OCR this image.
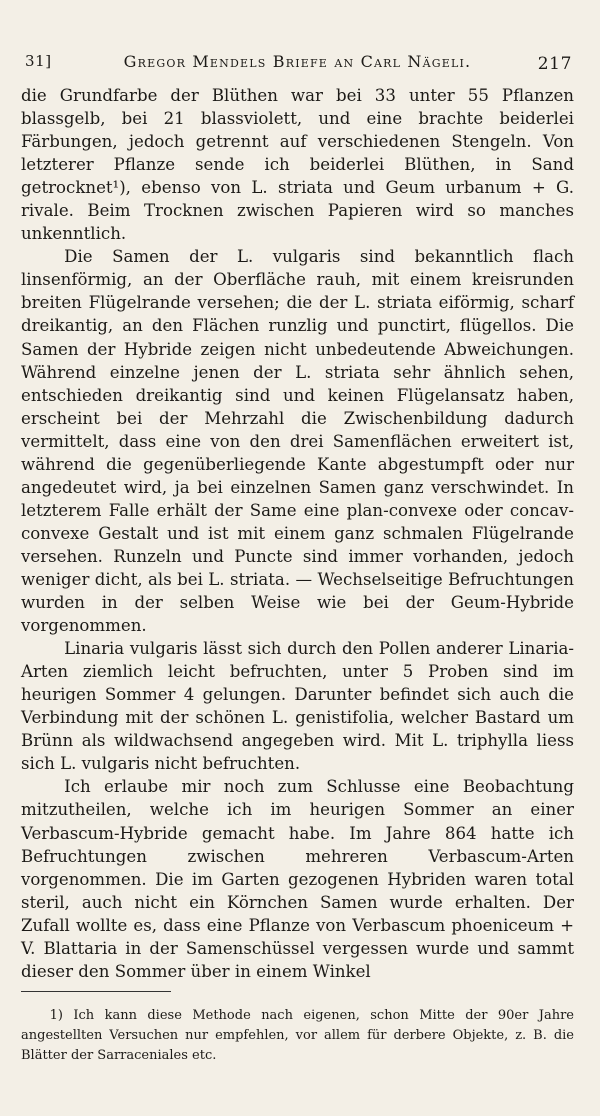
31]	Gregor Mendels Briefe an Carl Nägeli.	217

die Grundfarbe der Blüthen war bei 33 unter 55 Pflanzen blassgelb, bei 21 blassviolett, und eine brachte beiderlei Färbungen, jedoch getrennt auf verschiedenen Stengeln. Von letzterer Pflanze sende ich beiderlei Blüthen, in Sand getrocknet¹), ebenso von L. striata und Geum urbanum + G. rivale. Beim Trocknen zwischen Papieren wird so manches unkenntlich.

Die Samen der L. vulgaris sind bekanntlich flach linsenförmig, an der Oberfläche rauh, mit einem kreisrunden breiten Flügelrande versehen; die der L. striata eiförmig, scharf dreikantig, an den Flächen runzlig und punctirt, flügellos. Die Samen der Hybride zeigen nicht unbedeutende Abweichungen. Während einzelne jenen der L. striata sehr ähnlich sehen, entschieden dreikantig sind und keinen Flügelansatz haben, erscheint bei der Mehrzahl die Zwischenbildung dadurch vermittelt, dass eine von den drei Samenflächen erweitert ist, während die gegenüberliegende Kante abgestumpft oder nur angedeutet wird, ja bei einzelnen Samen ganz verschwindet. In letzterem Falle erhält der Same eine plan-convexe oder concav-convexe Gestalt und ist mit einem ganz schmalen Flügelrande versehen. Runzeln und Puncte sind immer vorhanden, jedoch weniger dicht, als bei L. striata. — Wechselseitige Befruchtungen wurden in der selben Weise wie bei der Geum-Hybride vorgenommen.

Linaria vulgaris lässt sich durch den Pollen anderer Linaria-Arten ziemlich leicht befruchten, unter 5 Proben sind im heurigen Sommer 4 gelungen. Darunter befindet sich auch die Verbindung mit der schönen L. genistifolia, welcher Bastard um Brünn als wildwachsend angegeben wird. Mit L. triphylla liess sich L. vulgaris nicht befruchten.

Ich erlaube mir noch zum Schlusse eine Beobachtung mitzutheilen, welche ich im heurigen Sommer an einer Verbascum-Hybride gemacht habe. Im Jahre 864 hatte ich Befruchtungen zwischen mehreren Verbascum-Arten vorgenommen. Die im Garten gezogenen Hybriden waren total steril, auch nicht ein Körnchen Samen wurde erhalten. Der Zufall wollte es, dass eine Pflanze von Verbascum phoeniceum + V. Blattaria in der Samenschüssel vergessen wurde und sammt dieser den Sommer über in einem Winkel

1) Ich kann diese Methode nach eigenen, schon Mitte der 90er Jahre angestellten Versuchen nur empfehlen, vor allem für derbere Objekte, z. B. die Blätter der Sarraceniales etc.
